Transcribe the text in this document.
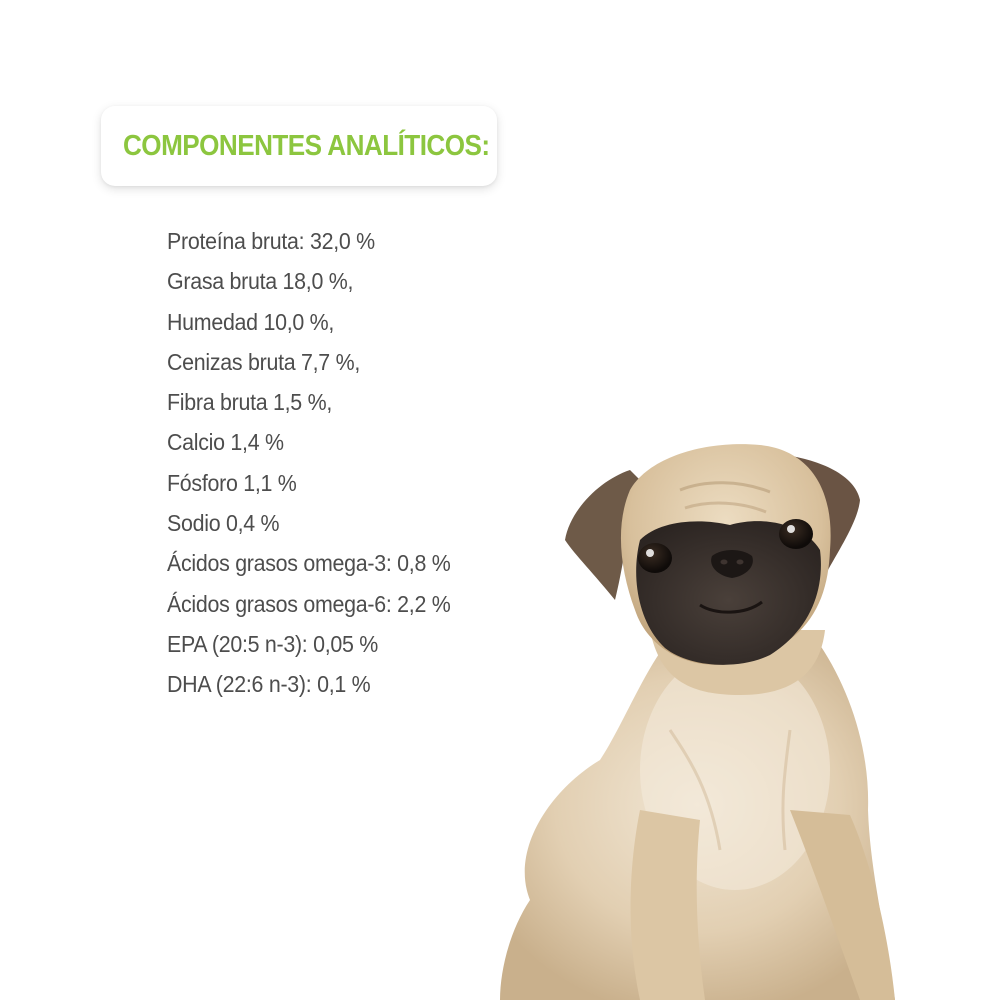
COMPONENTES ANALÍTICOS:
Proteína bruta: 32,0 %
Grasa bruta 18,0 %,
Humedad 10,0 %,
Cenizas bruta 7,7 %,
Fibra bruta 1,5 %,
Calcio 1,4 %
Fósforo 1,1 %
Sodio 0,4 %
Ácidos grasos omega-3: 0,8 %
Ácidos grasos omega-6: 2,2 %
EPA (20:5 n-3): 0,05 %
DHA (22:6 n-3): 0,1 %
